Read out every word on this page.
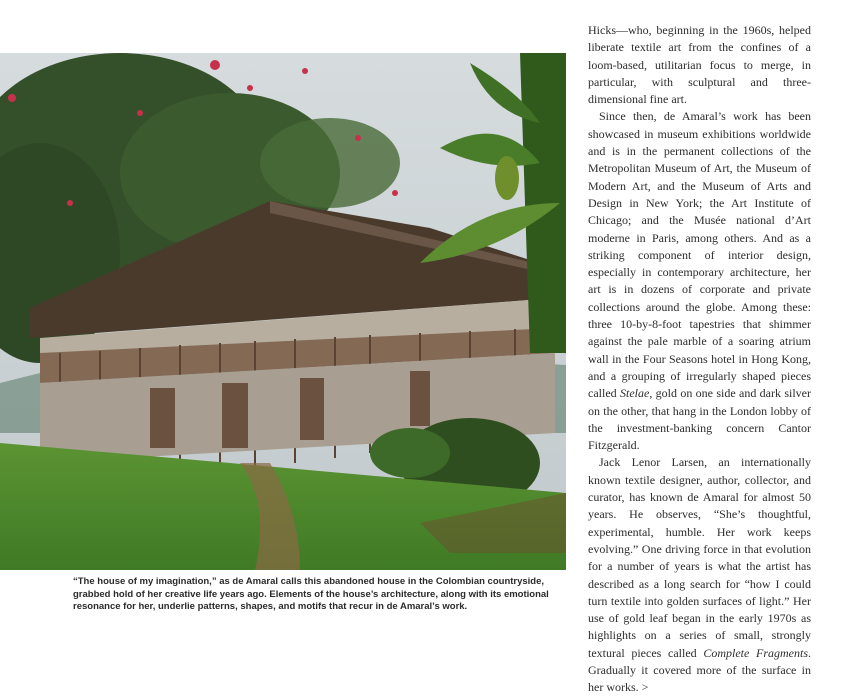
“The house of my imagination,” as de Amaral calls this abandoned house in the Colombian countryside, grabbed hold of her creative life years ago. Elements of the house’s architecture, along with its emotional resonance for her, underlie patterns, shapes, and motifs that recur in de Amaral’s work.

Hicks—who, beginning in the 1960s, helped liberate textile art from the confines of a loom-based, utilitarian focus to merge, in particular, with sculptural and three-dimensional fine art.

Since then, de Amaral’s work has been showcased in museum exhibitions worldwide and is in the permanent collections of the Metropolitan Museum of Art, the Museum of Modern Art, and the Museum of Arts and Design in New York; the Art Institute of Chicago; and the Musée national d’Art moderne in Paris, among others. And as a striking component of interior design, especially in contemporary architecture, her art is in dozens of corporate and private collections around the globe. Among these: three 10-by-8-foot tapestries that shimmer against the pale marble of a soaring atrium wall in the Four Seasons hotel in Hong Kong, and a grouping of irregularly shaped pieces called Stelae, gold on one side and dark silver on the other, that hang in the London lobby of the investment-banking concern Cantor Fitzgerald.

Jack Lenor Larsen, an internationally known textile designer, author, collector, and curator, has known de Amaral for almost 50 years. He observes, “She’s thoughtful, experimental, humble. Her work keeps evolving.” One driving force in that evolution for a number of years is what the artist has described as a long search for “how I could turn textile into golden surfaces of light.” Her use of gold leaf began in the early 1970s as highlights on a series of small, strongly textural pieces called Complete Fragments. Gradually it covered more of the surface in her works. >
